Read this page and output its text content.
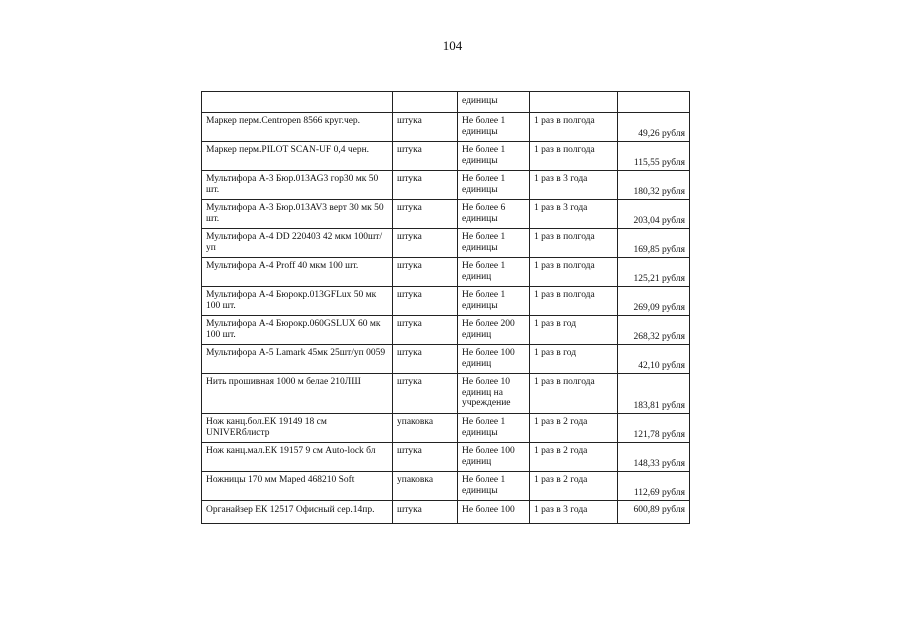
104
		единицы		
Маркер перм.Centropen 8566 круг.чер.	штука	Не более 1 единицы	1 раз в полгода	49,26 рубля
Маркер перм.PILOT SCAN-UF 0,4 черн.	штука	Не более 1 единицы	1 раз в полгода	115,55 рубля
Мультифора А-3 Бюр.013AG3 гор30 мк 50 шт.	штука	Не более 1 единицы	1 раз в 3 года	180,32 рубля
Мультифора А-3 Бюр.013AV3 верт 30 мк 50 шт.	штука	Не более 6 единицы	1 раз в 3 года	203,04 рубля
Мультифора А-4 DD 220403 42 мкм 100шт/уп	штука	Не более 1 единицы	1 раз в полгода	169,85 рубля
Мультифора А-4 Proff 40 мкм 100 шт.	штука	Не более 1 единиц	1 раз в полгода	125,21 рубля
Мультифора А-4 Бюрокр.013GFLux 50 мк 100 шт.	штука	Не более 1 единицы	1 раз в полгода	269,09 рубля
Мультифора А-4 Бюрокр.060GSLUX 60 мк 100 шт.	штука	Не более 200 единиц	1 раз в год	268,32 рубля
Мультифора А-5 Lamark 45мк 25шт/уп 0059	штука	Не более 100 единиц	1 раз в год	42,10 рубля
Нить прошивная 1000 м белае 210ЛШ	штука	Не более 10 единиц на учреждение	1 раз в полгода	183,81 рубля
Нож канц.бол.ЕК 19149 18 см UNIVERблистр	упаковка	Не более 1 единицы	1 раз в 2 года	121,78 рубля
Нож канц.мал.ЕК 19157 9 см Auto-lock бл	штука	Не более 100 единиц	1 раз в 2 года	148,33 рубля
Ножницы 170 мм Maped 468210 Soft	упаковка	Не более 1 единицы	1 раз в 2 года	112,69 рубля
Органайзер ЕК 12517 Офисный сер.14пр.	штука	Не более 100	1 раз в 3 года	600,89 рубля
